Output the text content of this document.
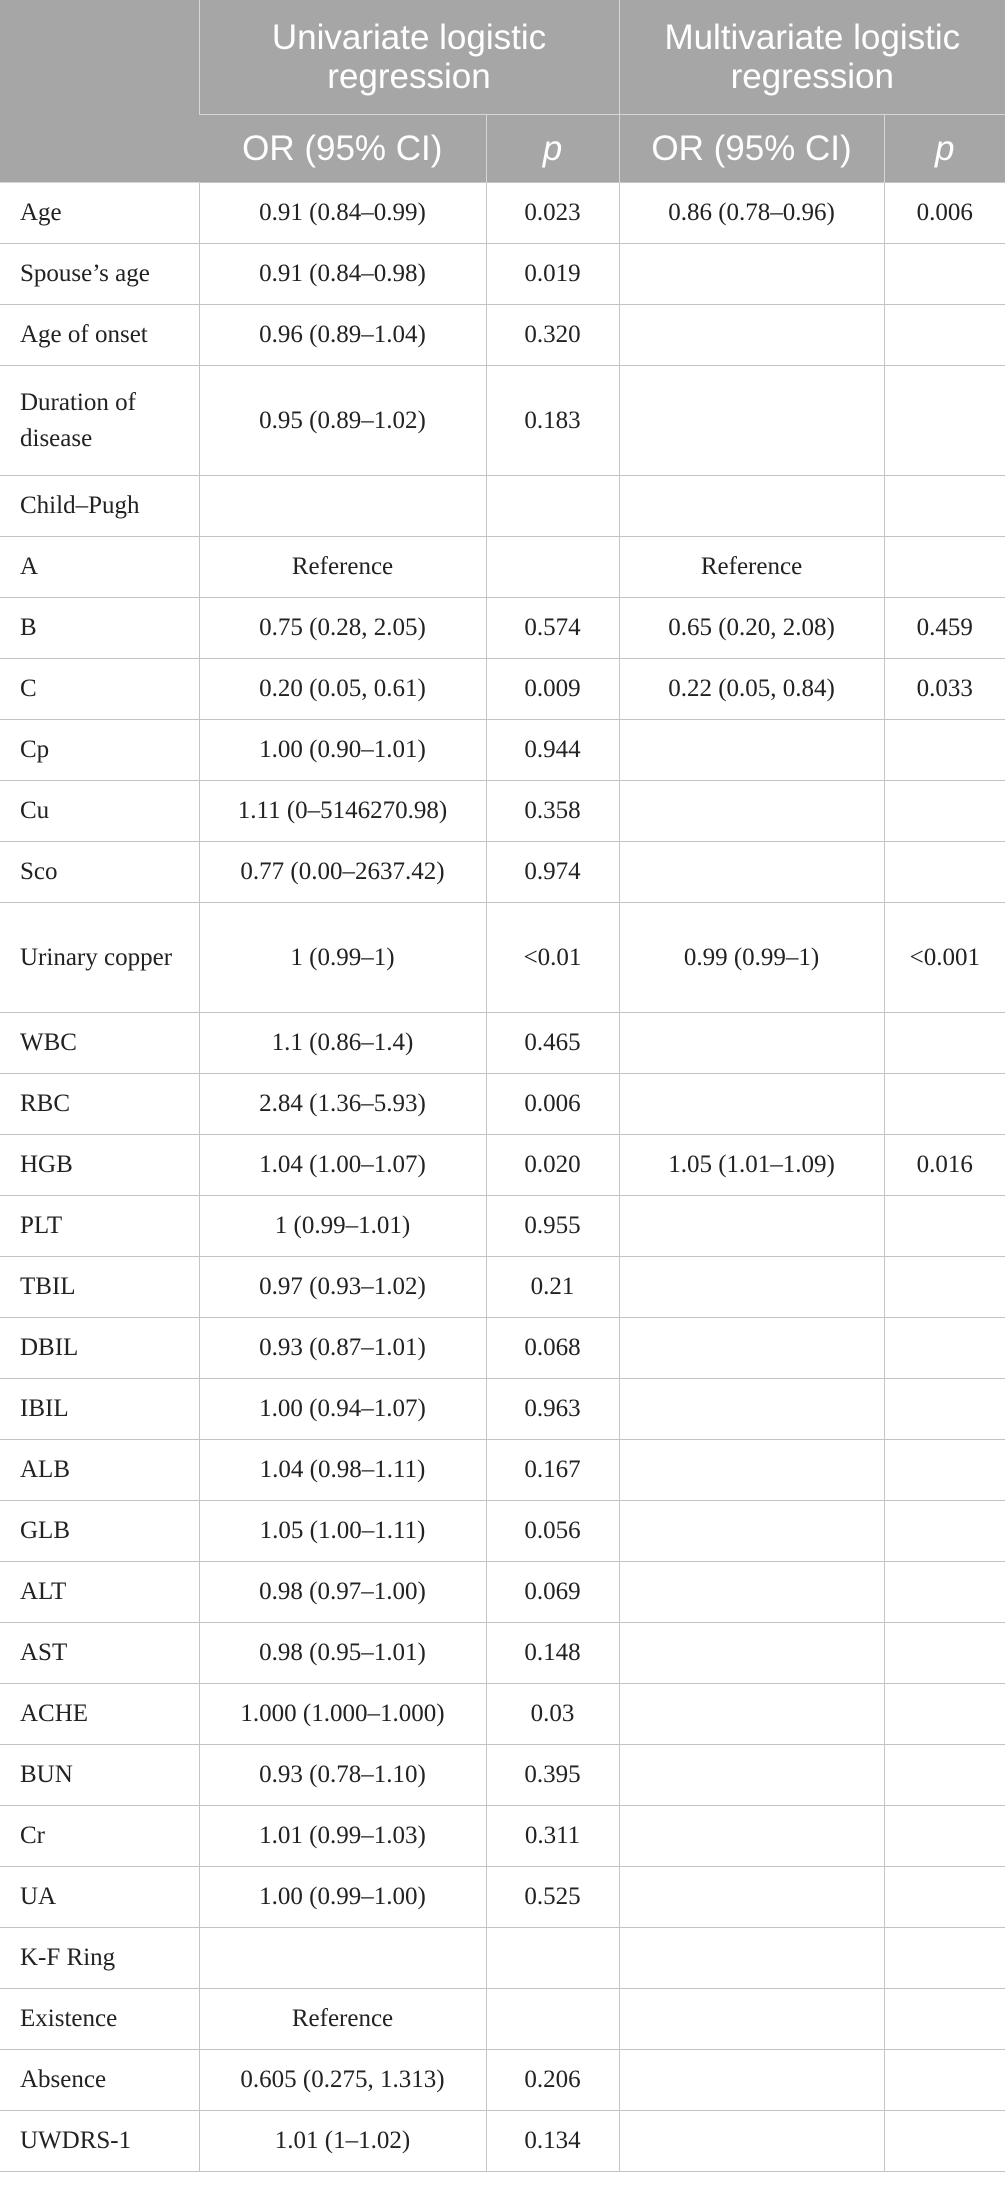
	Univariate logistic regression		Multivariate logistic regression	
	OR (95% CI)	p	OR (95% CI)	p
Age	0.91 (0.84–0.99)	0.023	0.86 (0.78–0.96)	0.006
Spouse’s age	0.91 (0.84–0.98)	0.019		
Age of onset	0.96 (0.89–1.04)	0.320		
Duration of disease	0.95 (0.89–1.02)	0.183		
Child–Pugh				
A	Reference		Reference	
B	0.75 (0.28, 2.05)	0.574	0.65 (0.20, 2.08)	0.459
C	0.20 (0.05, 0.61)	0.009	0.22 (0.05, 0.84)	0.033
Cp	1.00 (0.90–1.01)	0.944		
Cu	1.11 (0–5146270.98)	0.358		
Sco	0.77 (0.00–2637.42)	0.974		
Urinary copper	1 (0.99–1)	<0.01	0.99 (0.99–1)	<0.001
WBC	1.1 (0.86–1.4)	0.465		
RBC	2.84 (1.36–5.93)	0.006		
HGB	1.04 (1.00–1.07)	0.020	1.05 (1.01–1.09)	0.016
PLT	1 (0.99–1.01)	0.955		
TBIL	0.97 (0.93–1.02)	0.21		
DBIL	0.93 (0.87–1.01)	0.068		
IBIL	1.00 (0.94–1.07)	0.963		
ALB	1.04 (0.98–1.11)	0.167		
GLB	1.05 (1.00–1.11)	0.056		
ALT	0.98 (0.97–1.00)	0.069		
AST	0.98 (0.95–1.01)	0.148		
ACHE	1.000 (1.000–1.000)	0.03		
BUN	0.93 (0.78–1.10)	0.395		
Cr	1.01 (0.99–1.03)	0.311		
UA	1.00 (0.99–1.00)	0.525		
K-F Ring				
Existence	Reference			
Absence	0.605 (0.275, 1.313)	0.206		
UWDRS-1	1.01 (1–1.02)	0.134		
